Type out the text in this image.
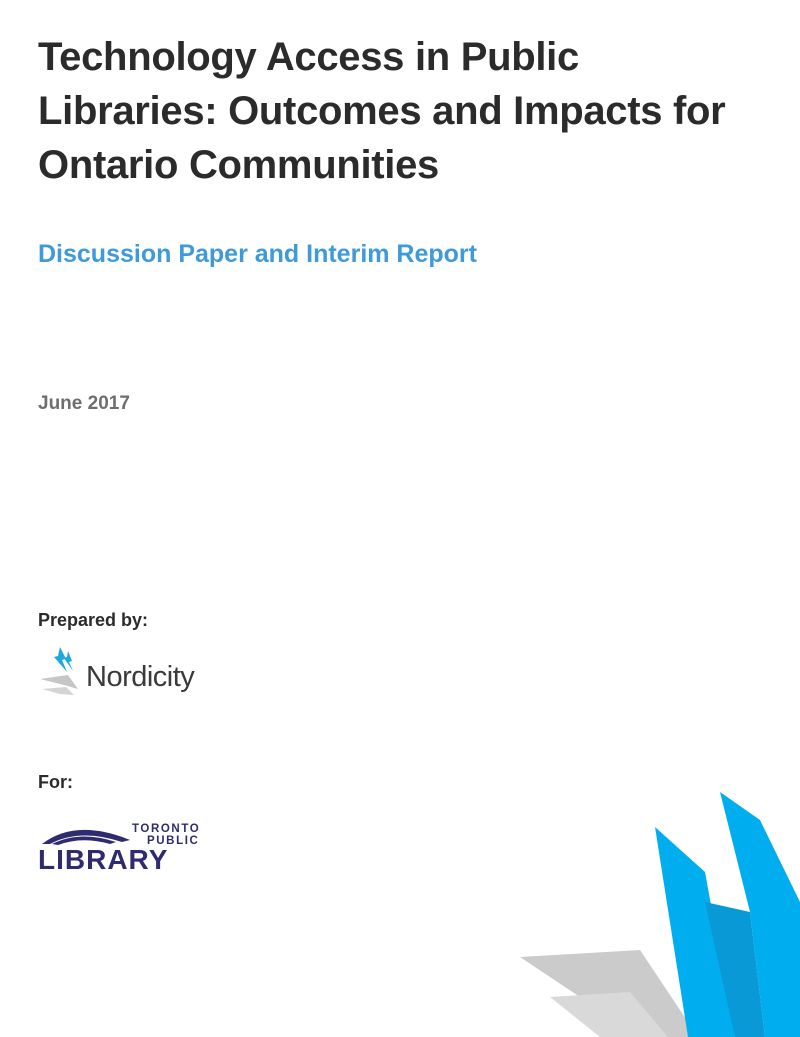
Technology Access in Public Libraries: Outcomes and Impacts for Ontario Communities
Discussion Paper and Interim Report
June 2017
Prepared by:
Nordicity
For:
TORONTO
PUBLIC
LIBRARY
